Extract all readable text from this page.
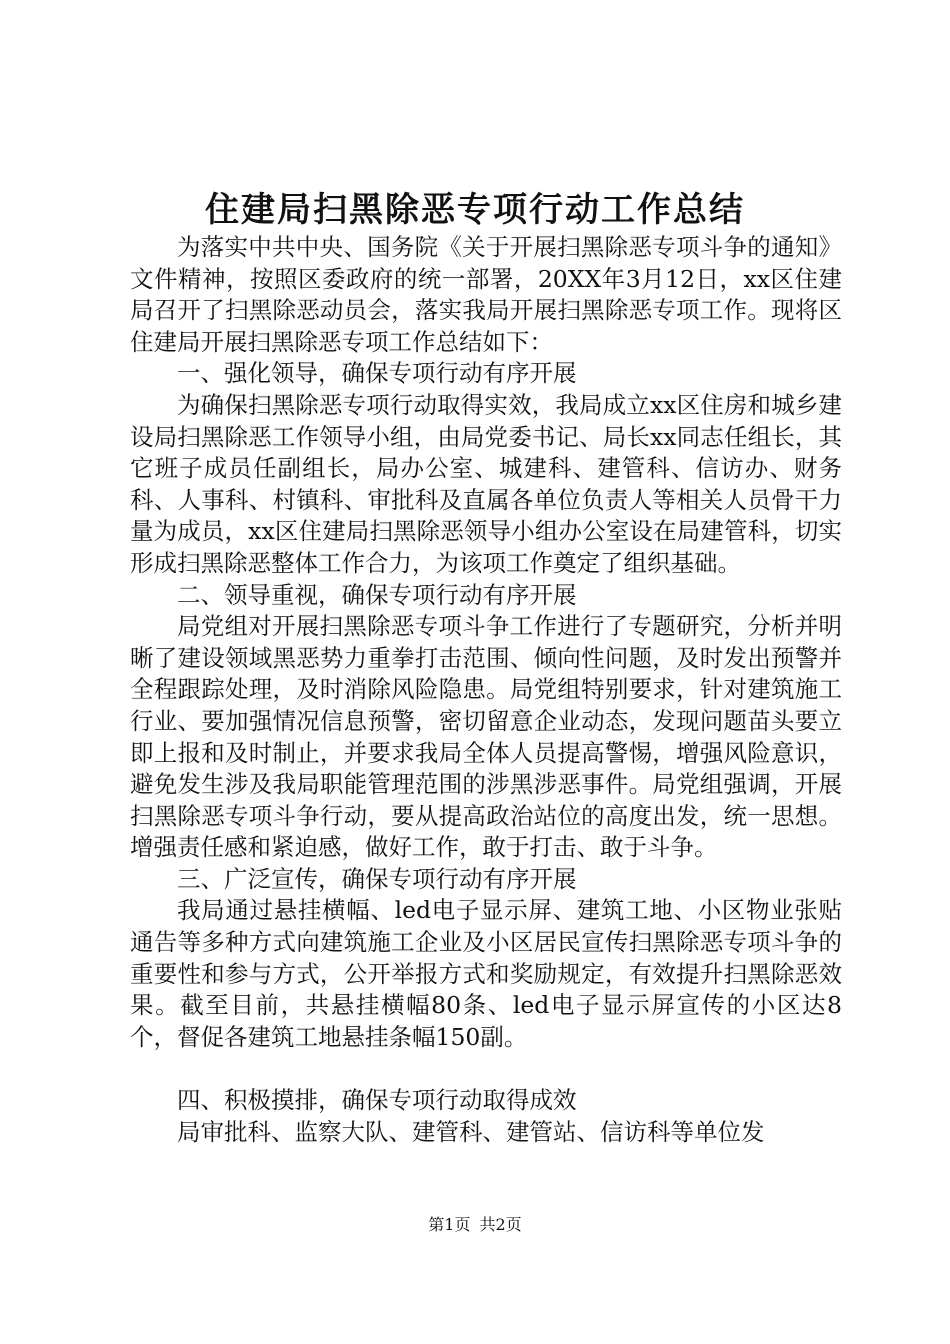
住建局扫黑除恶专项行动工作总结

为落实中共中央、国务院《关于开展扫黑除恶专项斗争的通知》文件精神，按照区委政府的统一部署，20XX年3月12日，xx区住建局召开了扫黑除恶动员会，落实我局开展扫黑除恶专项工作。现将区住建局开展扫黑除恶专项工作总结如下：

一、强化领导，确保专项行动有序开展

为确保扫黑除恶专项行动取得实效，我局成立xx区住房和城乡建设局扫黑除恶工作领导小组，由局党委书记、局长xx同志任组长，其它班子成员任副组长，局办公室、城建科、建管科、信访办、财务科、人事科、村镇科、审批科及直属各单位负责人等相关人员骨干力量为成员，xx区住建局扫黑除恶领导小组办公室设在局建管科，切实形成扫黑除恶整体工作合力，为该项工作奠定了组织基础。

二、领导重视，确保专项行动有序开展

局党组对开展扫黑除恶专项斗争工作进行了专题研究，分析并明晰了建设领域黑恶势力重拳打击范围、倾向性问题，及时发出预警并全程跟踪处理，及时消除风险隐患。局党组特别要求，针对建筑施工行业、要加强情况信息预警，密切留意企业动态，发现问题苗头要立即上报和及时制止，并要求我局全体人员提高警惕，增强风险意识，避免发生涉及我局职能管理范围的涉黑涉恶事件。局党组强调，开展扫黑除恶专项斗争行动，要从提高政治站位的高度出发，统一思想。增强责任感和紧迫感，做好工作，敢于打击、敢于斗争。

三、广泛宣传，确保专项行动有序开展

我局通过悬挂横幅、led电子显示屏、建筑工地、小区物业张贴通告等多种方式向建筑施工企业及小区居民宣传扫黑除恶专项斗争的重要性和参与方式，公开举报方式和奖励规定，有效提升扫黑除恶效果。截至目前，共悬挂横幅80条、led电子显示屏宣传的小区达8个，督促各建筑工地悬挂条幅150副。

四、积极摸排，确保专项行动取得成效

局审批科、监察大队、建管科、建管站、信访科等单位发

第1页 共2页
